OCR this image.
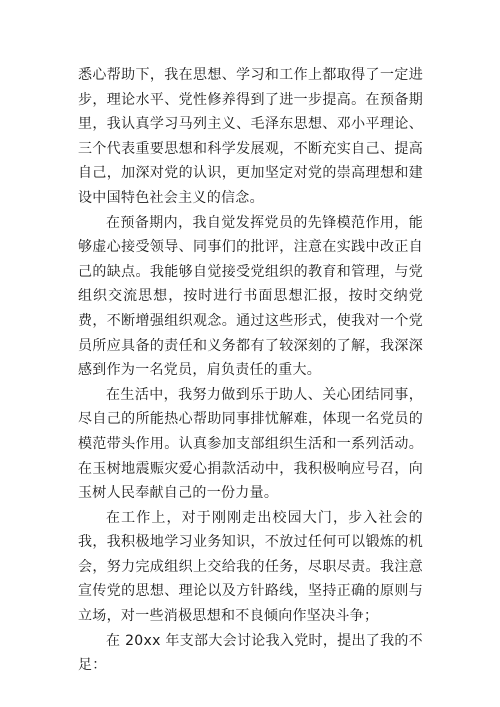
悉心帮助下，我在思想、学习和工作上都取得了一定进步，理论水平、党性修养得到了进一步提高。在预备期里，我认真学习马列主义、毛泽东思想、邓小平理论、三个代表重要思想和科学发展观，不断充实自己、提高自己，加深对党的认识，更加坚定对党的崇高理想和建设中国特色社会主义的信念。

在预备期内，我自觉发挥党员的先锋模范作用，能够虚心接受领导、同事们的批评，注意在实践中改正自己的缺点。我能够自觉接受党组织的教育和管理，与党组织交流思想，按时进行书面思想汇报，按时交纳党费，不断增强组织观念。通过这些形式，使我对一个党员所应具备的责任和义务都有了较深刻的了解，我深深感到作为一名党员，肩负责任的重大。

在生活中，我努力做到乐于助人、关心团结同事，尽自己的所能热心帮助同事排忧解难，体现一名党员的模范带头作用。认真参加支部组织生活和一系列活动。在玉树地震赈灾爱心捐款活动中，我积极响应号召，向玉树人民奉献自己的一份力量。

在工作上，对于刚刚走出校园大门，步入社会的我，我积极地学习业务知识，不放过任何可以锻炼的机会，努力完成组织上交给我的任务，尽职尽责。我注意宣传党的思想、理论以及方针路线，坚持正确的原则与立场，对一些消极思想和不良倾向作坚决斗争；

在 20xx 年支部大会讨论我入党时，提出了我的不足：
